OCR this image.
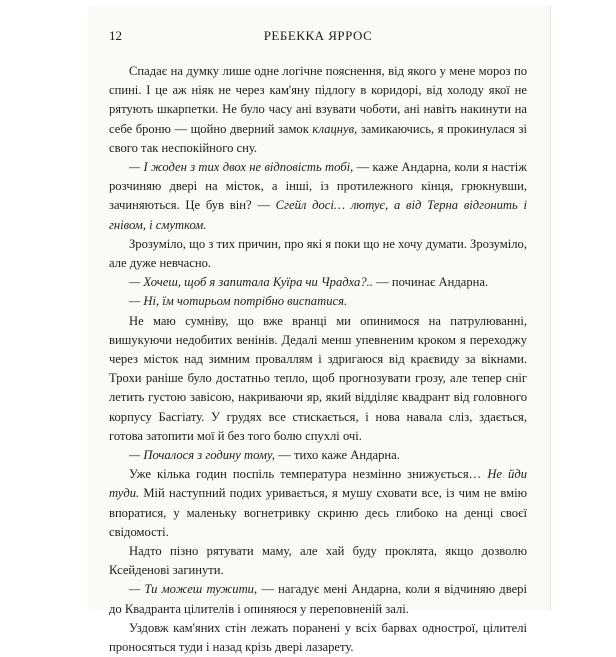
12	РЕБЕККА ЯРРОС

Спадає на думку лише одне логічне пояснення, від якого у мене мороз по спині. І це аж ніяк не через кам'яну підлогу в коридорі, від холоду якої не рятують шкарпетки. Не було часу ані взувати чоботи, ані навіть накинути на себе броню — щойно дверний замок клацнув, замикаючись, я прокинулася зі свого так неспокійного сну.

— І жоден з тих двох не відповість тобі, — каже Андарна, коли я настіж розчиняю двері на місток, а інші, із протилежного кінця, грюкнувши, зачиняються. Це був він? — Сгейл досі… лютує, а від Терна відгонить і гнівом, і смутком.

Зрозуміло, що з тих причин, про які я поки що не хочу думати. Зрозуміло, але дуже невчасно.

— Хочеш, щоб я запитала Куїра чи Чрадха?.. — починає Андарна.

— Ні, їм чотирьом потрібно виспатися.

Не маю сумніву, що вже вранці ми опинимося на патрулюванні, вишукуючи недобитих венінів. Дедалі менш упевненим кроком я переходжу через місток над зимним проваллям і здригаюся від краєвиду за вікнами. Трохи раніше було достатньо тепло, щоб прогнозувати грозу, але тепер сніг летить густою завісою, накриваючи яр, який відділяє квадрант від головного корпусу Басгіату. У грудях все стискається, і нова навала сліз, здається, готова затопити мої й без того болю спухлі очі.

— Почалося з годину тому, — тихо каже Андарна.

Уже кілька годин поспіль температура незмінно знижується… Не йди туди. Мій наступний подих уривається, я мушу сховати все, із чим не вмію впоратися, у маленьку вогнетривку скриню десь глибоко на денці своєї свідомості.

Надто пізно рятувати маму, але хай буду проклята, якщо дозволю Ксейденові загинути.

— Ти можеш тужити, — нагадує мені Андарна, коли я відчиняю двері до Квадранта цілителів і опиняюся у переповненій залі.

Уздовж кам'яних стін лежать поранені у всіх барвах однострої, цілителі проносяться туди і назад крізь двері лазарету.
